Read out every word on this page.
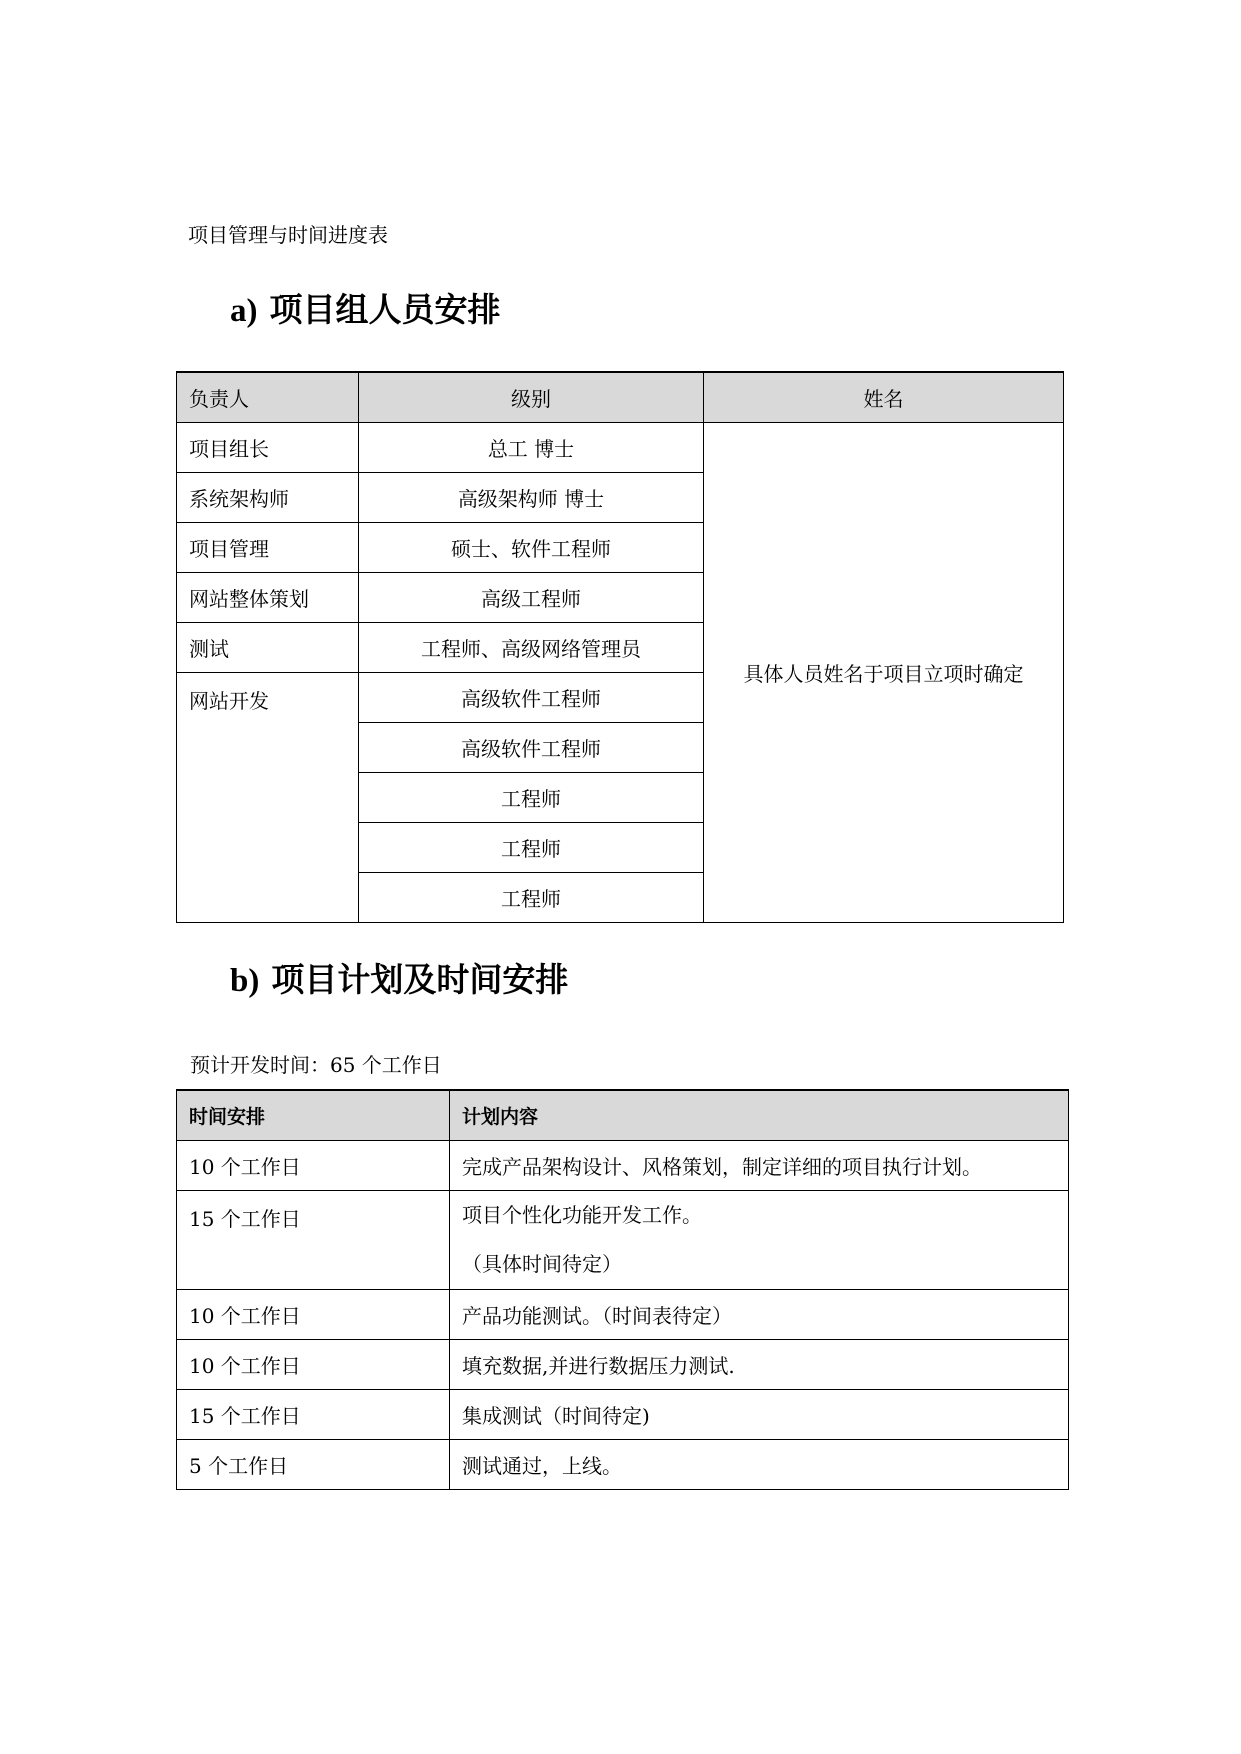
项目管理与时间进度表
a) 项目组人员安排
负责人	级别	姓名
项目组长	总工 博士	具体人员姓名于项目立项时确定
系统架构师	高级架构师 博士	
项目管理	硕士、软件工程师	
网站整体策划	高级工程师	
测试	工程师、高级网络管理员	
网站开发	高级软件工程师	
	高级软件工程师	
	工程师	
	工程师	
	工程师	
b) 项目计划及时间安排
预计开发时间：65 个工作日
时间安排	计划内容
10 个工作日	完成产品架构设计、风格策划，制定详细的项目执行计划。
15 个工作日	项目个性化功能开发工作。
（具体时间待定）

10 个工作日	产品功能测试。（时间表待定）
10 个工作日	填充数据,并进行数据压力测试.
15 个工作日	集成测试（时间待定)
5 个工作日	测试通过，上线。
